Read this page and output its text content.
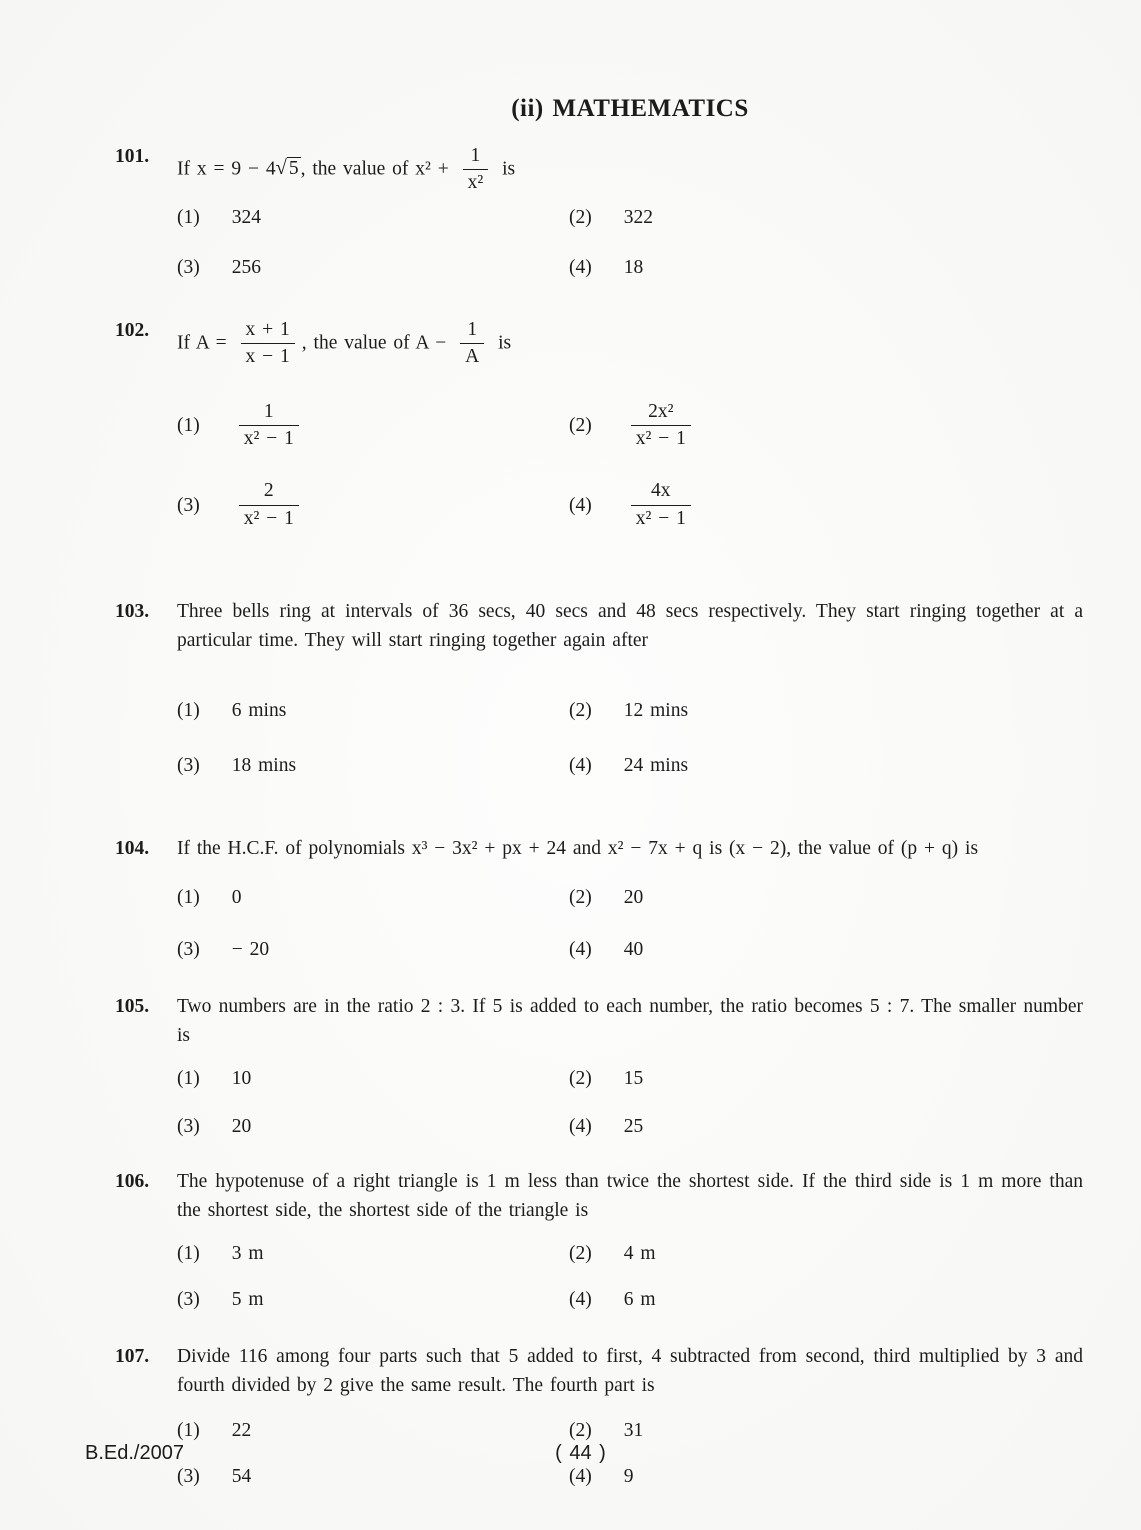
(ii) MATHEMATICS
101.
If x = 9 − 4√ 5 , the value of $x^2 + \frac{1}{\text{x²}}$ is
(1) 324	(2) 322
(3) 256	(4) 18
102.
If $A = \frac{x + 1}{x - 1}$ , the value of $A - \frac{1}{A}$ is
$(1) \frac{1}{\text{x² − 1}}$	$(2) \frac{\text{2x²}}{\text{x² − 1}}$
$(3) \frac{2}{\text{x² − 1}}$	$(4) \frac{4x}{\text{x² − 1}}$
103.	Three bells ring at intervals of 36 secs, 40 secs and 48 secs respectively. They start ringing together at a particular time. They will start ringing together again after
(1) 6 mins	(2) 12 mins
(3) 18 mins	(4) 24 mins
104.	If the H.C.F. of polynomials x³ − 3x² + px + 24 and x² − 7x + q is (x − 2), the value of (p + q) is
(1) 0	(2) 20
(3) − 20	(4) 40
105.	Two numbers are in the ratio 2 : 3. If 5 is added to each number, the ratio becomes 5 : 7. The smaller number is
(1) 10	(2) 15
(3) 20	(4) 25
106.	The hypotenuse of a right triangle is 1 m less than twice the shortest side. If the third side is 1 m more than the shortest side, the shortest side of the triangle is
(1) 3 m	(2) 4 m
(3) 5 m	(4) 6 m
107.	Divide 116 among four parts such that 5 added to first, 4 subtracted from second, third multiplied by 3 and fourth divided by 2 give the same result. The fourth part is
(1) 22	(2) 31
(3) 54	(4) 9
B.Ed./2007	( 44 )
